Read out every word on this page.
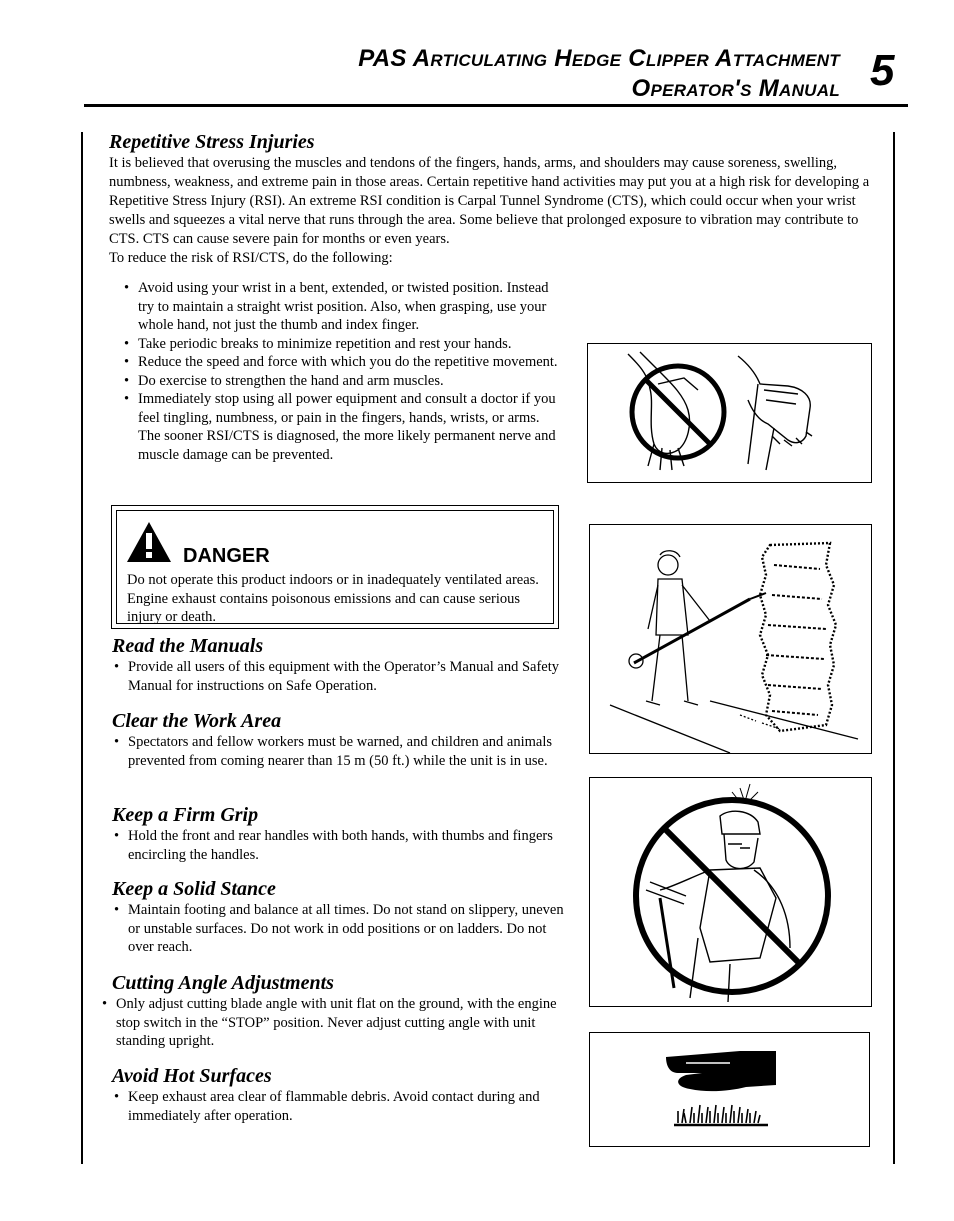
PAS Articulating Hedge Clipper Attachment
Operator's Manual 5
Repetitive Stress Injuries

It is believed that overusing the muscles and tendons of the fingers, hands, arms, and shoulders may cause soreness, swelling, numbness, weakness, and extreme pain in those areas. Certain repetitive hand activities may put you at a high risk for developing a Repetitive Stress Injury (RSI). An extreme RSI condition is Carpal Tunnel Syndrome (CTS), which could occur when your wrist swells and squeezes a vital nerve that runs through the area. Some believe that prolonged exposure to vibration may contribute to CTS. CTS can cause severe pain for months or even years.

To reduce the risk of RSI/CTS, do the following:

• Avoid using your wrist in a bent, extended, or twisted position. Instead try to maintain a straight wrist position. Also, when grasping, use your whole hand, not just the thumb and index finger.
• Take periodic breaks to minimize repetition and rest your hands.
• Reduce the speed and force with which you do the repetitive movement.
• Do exercise to strengthen the hand and arm muscles.
• Immediately stop using all power equipment and consult a doctor if you feel tingling, numbness, or pain in the fingers, hands, wrists, or arms. The sooner RSI/CTS is diagnosed, the more likely permanent nerve and muscle damage can be prevented.
DANGER
Do not operate this product indoors or in inadequately ventilated areas. Engine exhaust contains poisonous emissions and can cause serious injury or death.
Read the Manuals
• Provide all users of this equipment with the Operator’s Manual and Safety Manual for instructions on Safe Operation.
Clear the Work Area
• Spectators and fellow workers must be warned, and children and animals prevented from coming nearer than 15 m (50 ft.) while the unit is in use.
Keep a Firm Grip
• Hold the front and rear handles with both hands, with thumbs and fingers encircling the handles.
Keep a Solid Stance
• Maintain footing and balance at all times. Do not stand on slippery, uneven or unstable surfaces. Do not work in odd positions or on ladders. Do not over reach.
Cutting Angle Adjustments
• Only adjust cutting blade angle with unit flat on the ground, with the engine stop switch in the “STOP” position. Never adjust cutting angle with unit standing upright.
Avoid Hot Surfaces
• Keep exhaust area clear of flammable debris. Avoid contact during and immediately after operation.
